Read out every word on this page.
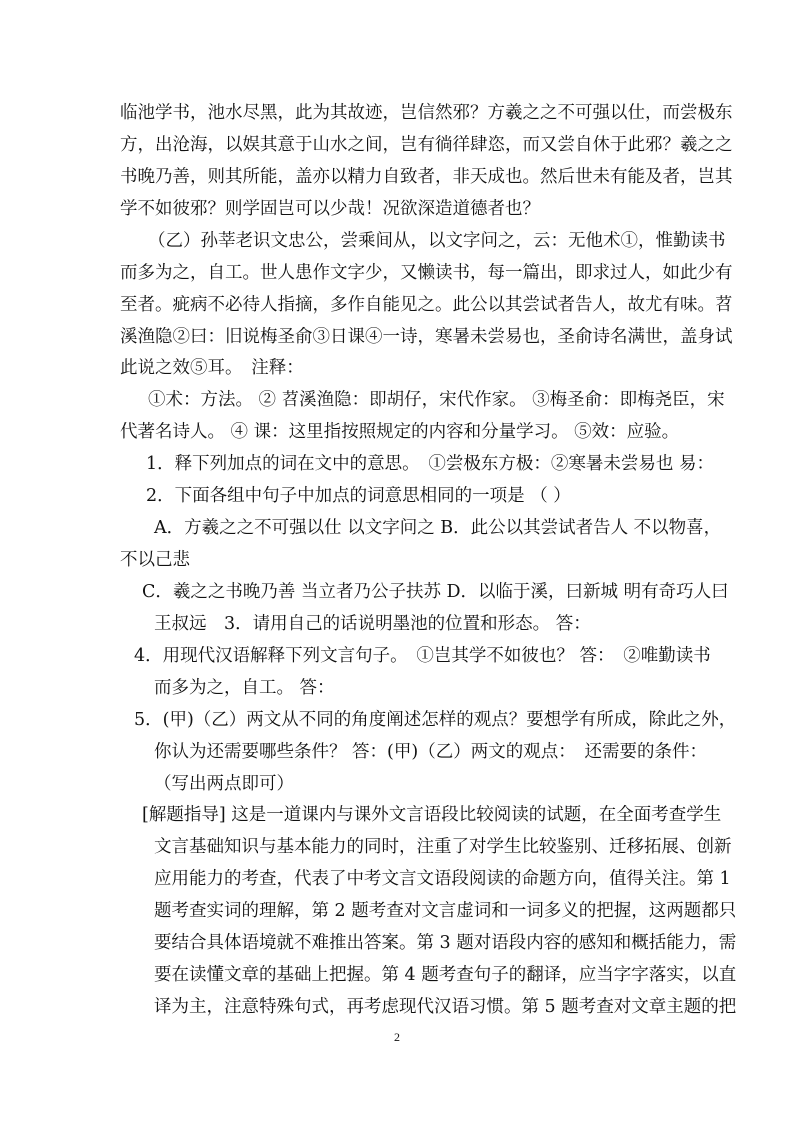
临池学书，池水尽黑，此为其故迹，岂信然邪？方羲之之不可强以仕，而尝极东
方，出沧海，以娱其意于山水之间，岂有徜徉肆恣，而又尝自休于此邪？羲之之
书晚乃善，则其所能，盖亦以精力自致者，非天成也。然后世未有能及者，岂其
学不如彼邪？则学固岂可以少哉！况欲深造道德者也？
（乙）孙莘老识文忠公，尝乘间从，以文字问之，云：无他术①，惟勤读书
而多为之，自工。世人患作文字少，又懒读书，每一篇出，即求过人，如此少有
至者。疵病不必待人指摘，多作自能见之。此公以其尝试者告人，故尤有味。苕
溪渔隐②曰：旧说梅圣俞③日课④一诗，寒暑未尝易也，圣俞诗名满世，盖身试
此说之效⑤耳。　注释：
①术：方法。 ② 苕溪渔隐：即胡仔，宋代作家。 ③梅圣俞：即梅尧臣，宋
代著名诗人。 ④ 课：这里指按照规定的内容和分量学习。 ⑤效：应验。
1．释下列加点的词在文中的意思。　①尝极东方极：②寒暑未尝易也 易：
2．下面各组中句子中加点的词意思相同的一项是 （ ）
A．方羲之之不可强以仕 以文字问之 B．此公以其尝试者告人 不以物喜，
不以己悲
C．羲之之书晚乃善 当立者乃公子扶苏 D．以临于溪，曰新城 明有奇巧人曰
王叔远　3．请用自己的话说明墨池的位置和形态。 答：
4．用现代汉语解释下列文言句子。　①岂其学不如彼也？ 答：　②唯勤读书
而多为之，自工。 答：
5．(甲)（乙）两文从不同的角度阐述怎样的观点？要想学有所成，除此之外，
你认为还需要哪些条件？ 答：(甲)（乙）两文的观点：　还需要的条件：
（写出两点即可）
[解题指导] 这是一道课内与课外文言语段比较阅读的试题，在全面考查学生
文言基础知识与基本能力的同时，注重了对学生比较鉴别、迁移拓展、创新
应用能力的考查，代表了中考文言文语段阅读的命题方向，值得关注。第 1
题考查实词的理解，第 2 题考查对文言虚词和一词多义的把握，这两题都只
要结合具体语境就不难推出答案。第 3 题对语段内容的感知和概括能力，需
要在读懂文章的基础上把握。第 4 题考查句子的翻译，应当字字落实，以直
译为主，注意特殊句式，再考虑现代汉语习惯。第 5 题考查对文章主题的把
2
